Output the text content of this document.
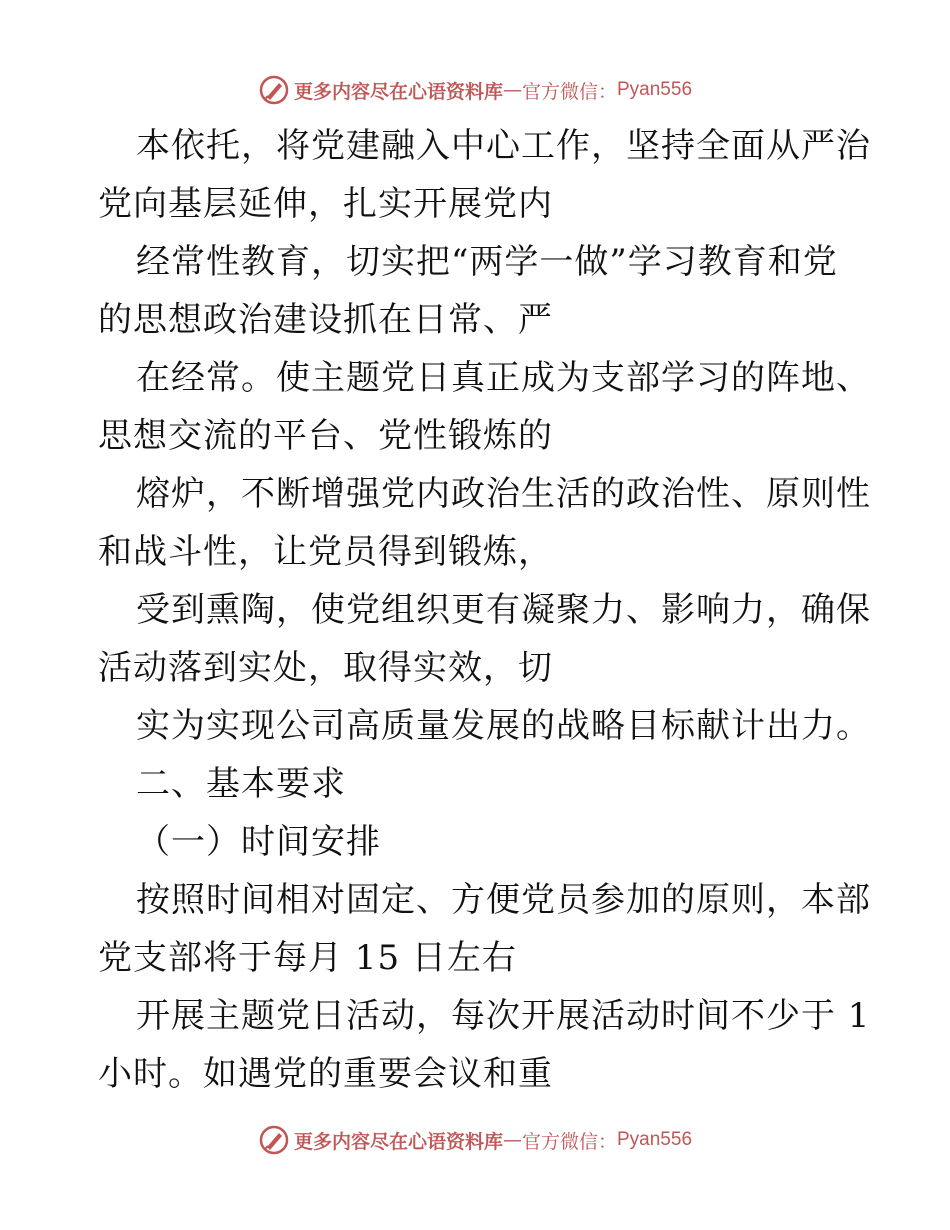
更多内容尽在心语资料库 — 官方微信： Pyan556
本依托，将党建融入中心工作，坚持全面从严治
党向基层延伸，扎实开展党内
经常性教育，切实把“两学一做”学习教育和党
的思想政治建设抓在日常、严
在经常。使主题党日真正成为支部学习的阵地、
思想交流的平台、党性锻炼的
熔炉，不断增强党内政治生活的政治性、原则性
和战斗性，让党员得到锻炼，
受到熏陶，使党组织更有凝聚力、影响力，确保
活动落到实处，取得实效，切
实为实现公司高质量发展的战略目标献计出力。
二、基本要求
（一）时间安排
按照时间相对固定、方便党员参加的原则，本部
党支部将于每月 15 日左右
开展主题党日活动，每次开展活动时间不少于 1
小时。如遇党的重要会议和重
更多内容尽在心语资料库 — 官方微信： Pyan556
